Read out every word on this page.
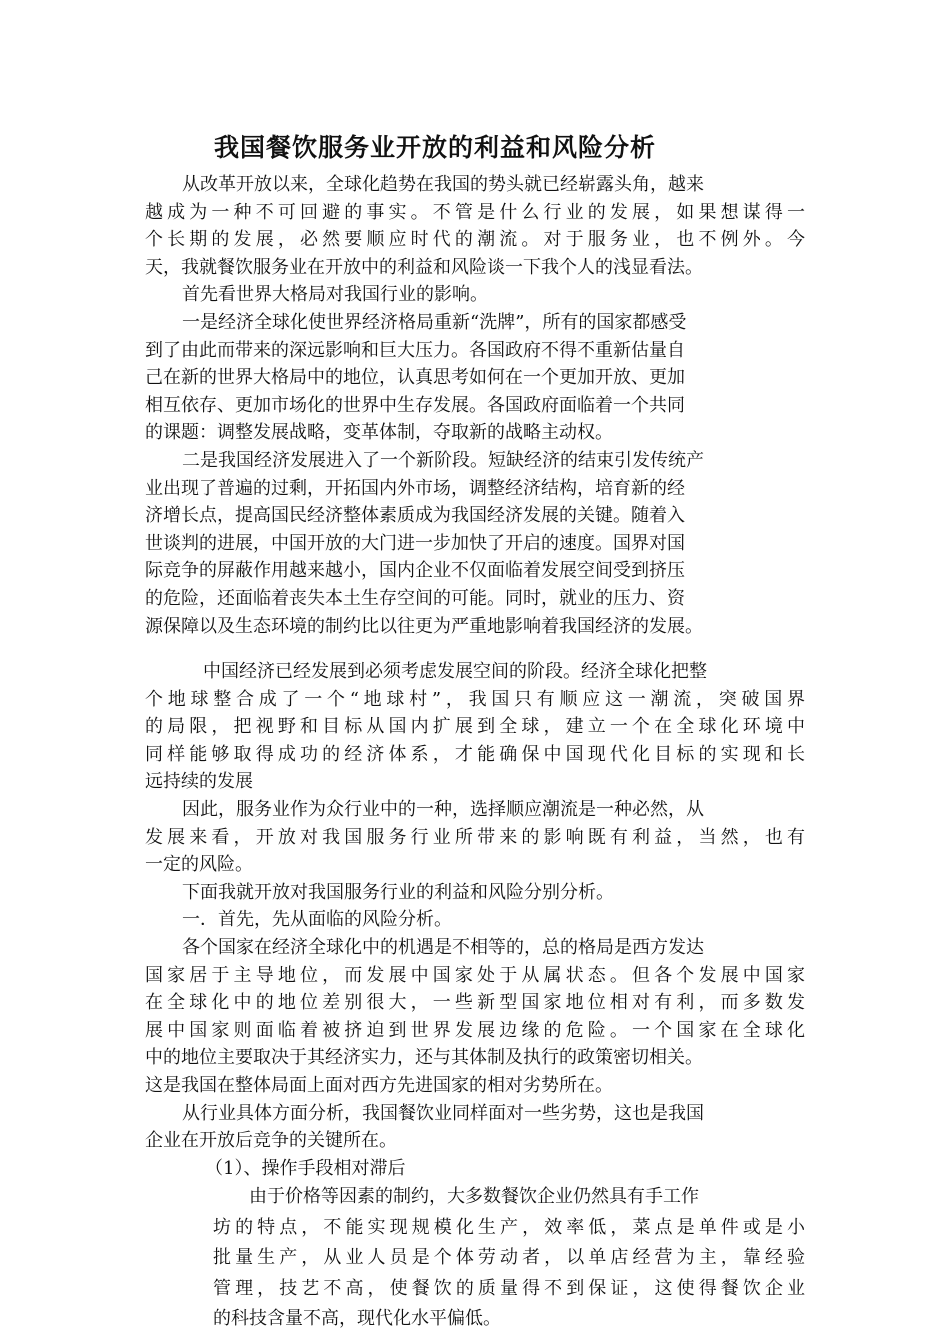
我国餐饮服务业开放的利益和风险分析
从改革开放以来，全球化趋势在我国的势头就已经崭露头角，越来
越成为一种不可回避的事实。不管是什么行业的发展，如果想谋得一
个长期的发展，必然要顺应时代的潮流。对于服务业，也不例外。今
天，我就餐饮服务业在开放中的利益和风险谈一下我个人的浅显看法。
首先看世界大格局对我国行业的影响。
一是经济全球化使世界经济格局重新“洗牌”，所有的国家都感受
到了由此而带来的深远影响和巨大压力。各国政府不得不重新估量自
己在新的世界大格局中的地位，认真思考如何在一个更加开放、更加
相互依存、更加市场化的世界中生存发展。各国政府面临着一个共同
的课题：调整发展战略，变革体制，夺取新的战略主动权。
二是我国经济发展进入了一个新阶段。短缺经济的结束引发传统产
业出现了普遍的过剩，开拓国内外市场，调整经济结构，培育新的经
济增长点，提高国民经济整体素质成为我国经济发展的关键。随着入
世谈判的进展，中国开放的大门进一步加快了开启的速度。国界对国
际竞争的屏蔽作用越来越小，国内企业不仅面临着发展空间受到挤压
的危险，还面临着丧失本土生存空间的可能。同时，就业的压力、资
源保障以及生态环境的制约比以往更为严重地影响着我国经济的发展。
中国经济已经发展到必须考虑发展空间的阶段。经济全球化把整
个地球整合成了一个“地球村”，我国只有顺应这一潮流，突破国界
的局限，把视野和目标从国内扩展到全球，建立一个在全球化环境中
同样能够取得成功的经济体系，才能确保中国现代化目标的实现和长
远持续的发展
因此，服务业作为众行业中的一种，选择顺应潮流是一种必然，从
发展来看，开放对我国服务行业所带来的影响既有利益，当然，也有
一定的风险。
下面我就开放对我国服务行业的利益和风险分别分析。
一．首先，先从面临的风险分析。
各个国家在经济全球化中的机遇是不相等的，总的格局是西方发达
国家居于主导地位，而发展中国家处于从属状态。但各个发展中国家
在全球化中的地位差别很大，一些新型国家地位相对有利，而多数发
展中国家则面临着被挤迫到世界发展边缘的危险。一个国家在全球化
中的地位主要取决于其经济实力，还与其体制及执行的政策密切相关。
这是我国在整体局面上面对西方先进国家的相对劣势所在。
从行业具体方面分析，我国餐饮业同样面对一些劣势，这也是我国
企业在开放后竞争的关键所在。
（1）、操作手段相对滞后
由于价格等因素的制约，大多数餐饮企业仍然具有手工作
坊的特点，不能实现规模化生产，效率低，菜点是单件或是小
批量生产，从业人员是个体劳动者，以单店经营为主，靠经验
管理，技艺不高，使餐饮的质量得不到保证，这使得餐饮企业
的科技含量不高，现代化水平偏低。
